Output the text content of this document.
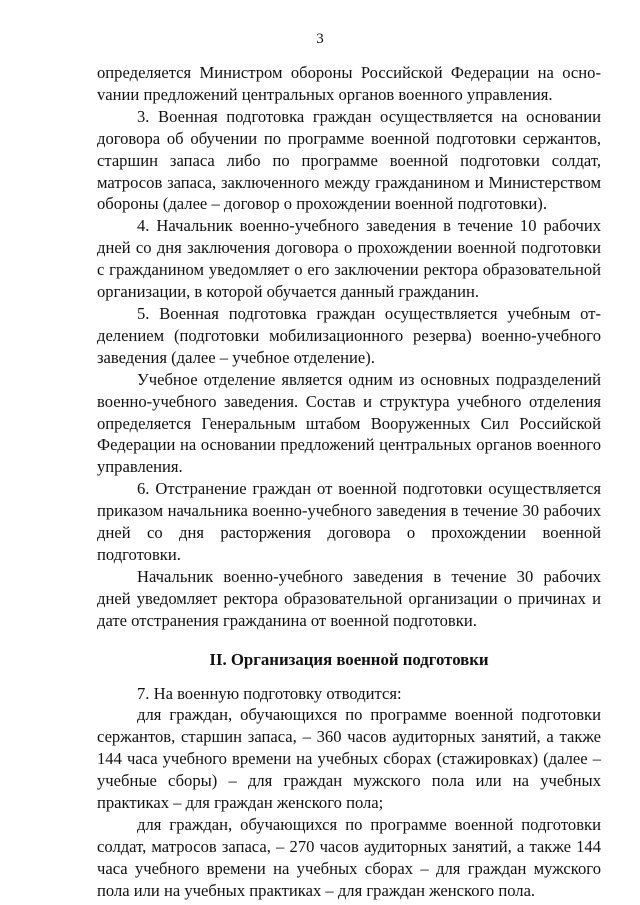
3

определяется Министром обороны Российской Федерации на осноvании предложений центральных органов военного управления.

3. Военная подготовка граждан осуществляется на основании договора об обучении по программе военной подготовки сержантов, старшин запаса либо по программе военной подготовки солдат, матросов запаса, заключенного между гражданином и Министерством обороны (далее – договор о прохождении военной подготовки).

4. Начальник военно-учебного заведения в течение 10 рабочих дней со дня заключения договора о прохождении военной подготовки с гражданином уведомляет о его заключении ректора образовательной организации, в которой обучается данный гражданин.

5. Военная подготовка граждан осуществляется учебным отделением (подготовки мобилизационного резерва) военно-учебного заведения (далее – учебное отделение).

Учебное отделение является одним из основных подразделений военно-учебного заведения. Состав и структура учебного отделения определяется Генеральным штабом Вооруженных Сил Российской Федерации на основании предложений центральных органов военного управления.

6. Отстранение граждан от военной подготовки осуществляется приказом начальника военно-учебного заведения в течение 30 рабочих дней со дня расторжения договора о прохождении военной подготовки.

Начальник военно-учебного заведения в течение 30 рабочих дней уведомляет ректора образовательной организации о причинах и дате отстранения гражданина от военной подготовки.

II. Организация военной подготовки

7. На военную подготовку отводится:

для граждан, обучающихся по программе военной подготовки сержантов, старшин запаса, – 360 часов аудиторных занятий, а также 144 часа учебного времени на учебных сборах (стажировках) (далее – учебные сборы) – для граждан мужского пола или на учебных практиках – для граждан женского пола;

для граждан, обучающихся по программе военной подготовки солдат, матросов запаса, – 270 часов аудиторных занятий, а также 144 часа учебного времени на учебных сборах – для граждан мужского пола или на учебных практиках – для граждан женского пола.
